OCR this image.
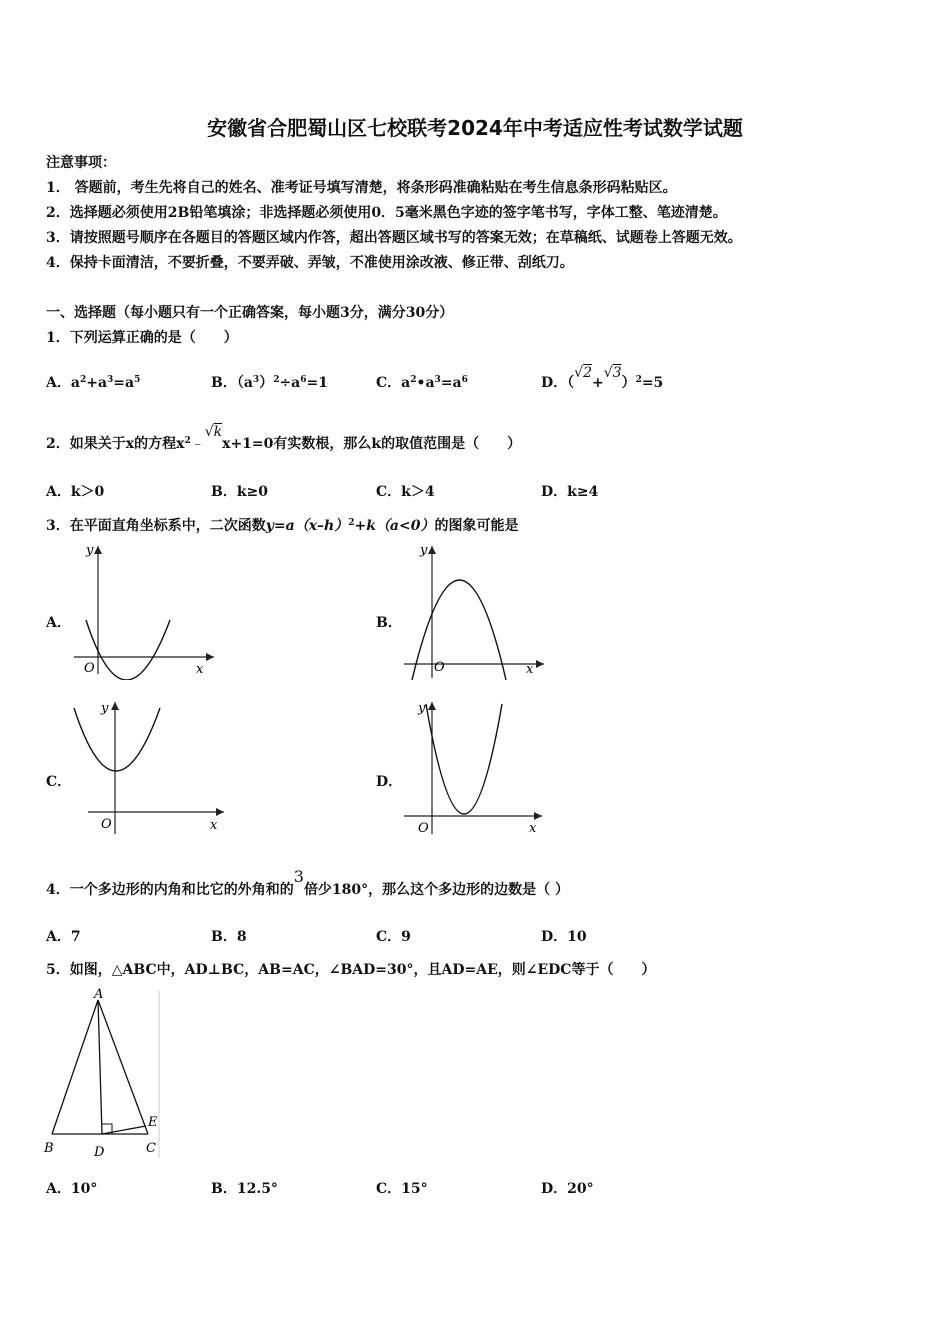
安徽省合肥蜀山区七校联考2024年中考适应性考试数学试题
注意事项：
1． 答题前，考生先将自己的姓名、准考证号填写清楚，将条形码准确粘贴在考生信息条形码粘贴区。
2．选择题必须使用2B铅笔填涂；非选择题必须使用0．5毫米黑色字迹的签字笔书写，字体工整、笔迹清楚。
3．请按照题号顺序在各题目的答题区域内作答，超出答题区域书写的答案无效；在草稿纸、试题卷上答题无效。
4．保持卡面清洁，不要折叠，不要弄破、弄皱，不准使用涂改液、修正带、刮纸刀。
一、选择题（每小题只有一个正确答案，每小题3分，满分30分）
1．下列运算正确的是（　　）
A．$a^2+a^3=a^5$	B．$(a^3)^2\div a^6=1$	C．$a^2•a^3=a^6$	D．$(√2+√3)^2=5$
2．如果关于x的方程$x^2﹣√kx+1=0$有实数根，那么k的取值范围是（　　）
A．k＞0	B．k≥0	C．k＞4	D．k≥4
3．在平面直角坐标系中，二次函数$y=a(x-h)^2+k(a<0)$的图象可能是
A．	B．
C．	D．
y
x
O
y
x
O
y
x
O
y
x
O
4．一个多边形的内角和比它的外角和的3倍少180°，那么这个多边形的边数是（ ）
A．7	B．8	C．9	D．10
5．如图，△ABC中，AD⊥BC，AB=AC，∠BAD=30°，且AD=AE，则∠EDC等于（　　）
A
B	C
D
E
A．10°	B．12.5°	C．15°	D．20°
